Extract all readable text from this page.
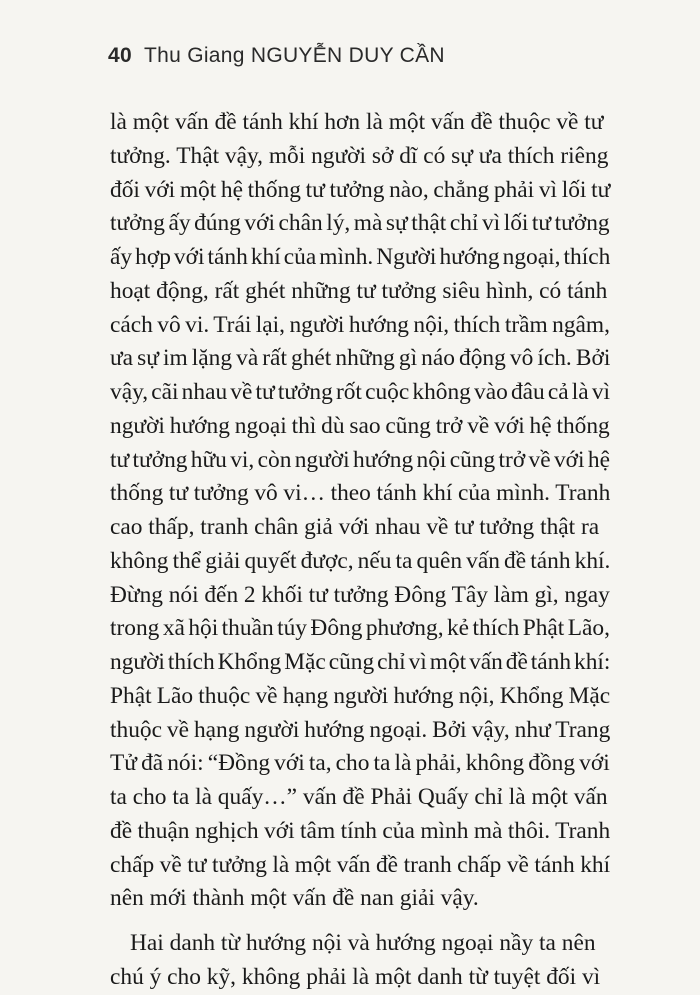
40 Thu Giang NGUYỄN DUY CẦN
là một vấn đề tánh khí hơn là một vấn đề thuộc về tư
tưởng. Thật vậy, mỗi người sở dĩ có sự ưa thích riêng
đối với một hệ thống tư tưởng nào, chẳng phải vì lối tư
tưởng ấy đúng với chân lý, mà sự thật chỉ vì lối tư tưởng
ấy hợp với tánh khí của mình. Người hướng ngoại, thích
hoạt động, rất ghét những tư tưởng siêu hình, có tánh
cách vô vi. Trái lại, người hướng nội, thích trầm ngâm,
ưa sự im lặng và rất ghét những gì náo động vô ích. Bởi
vậy, cãi nhau về tư tưởng rốt cuộc không vào đâu cả là vì
người hướng ngoại thì dù sao cũng trở về với hệ thống
tư tưởng hữu vi, còn người hướng nội cũng trở về với hệ
thống tư tưởng vô vi… theo tánh khí của mình. Tranh
cao thấp, tranh chân giả với nhau về tư tưởng thật ra
không thể giải quyết được, nếu ta quên vấn đề tánh khí.
Đừng nói đến 2 khối tư tưởng Đông Tây làm gì, ngay
trong xã hội thuần túy Đông phương, kẻ thích Phật Lão,
người thích Khổng Mặc cũng chỉ vì một vấn đề tánh khí:
Phật Lão thuộc về hạng người hướng nội, Khổng Mặc
thuộc về hạng người hướng ngoại. Bởi vậy, như Trang
Tử đã nói: “Đồng với ta, cho ta là phải, không đồng với
ta cho ta là quấy…” vấn đề Phải Quấy chỉ là một vấn
đề thuận nghịch với tâm tính của mình mà thôi. Tranh
chấp về tư tưởng là một vấn đề tranh chấp về tánh khí
nên mới thành một vấn đề nan giải vậy.
Hai danh từ hướng nội và hướng ngoại nầy ta nên
chú ý cho kỹ, không phải là một danh từ tuyệt đối vì
